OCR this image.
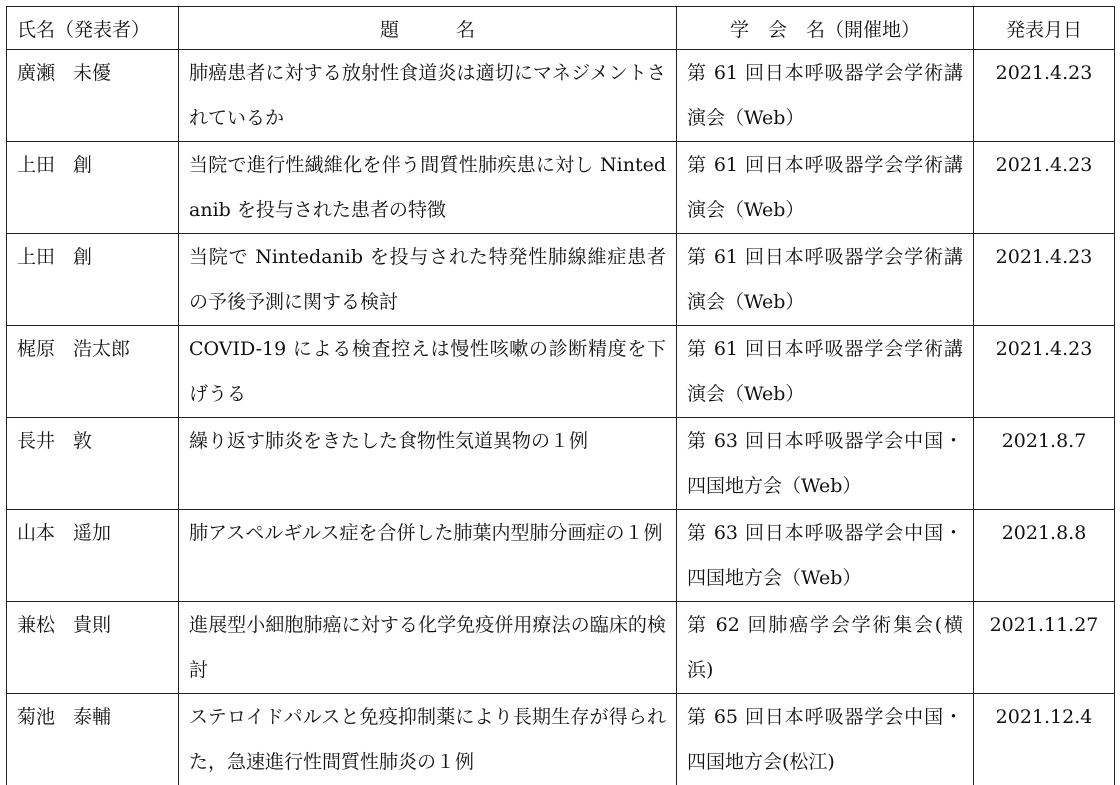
氏名（発表者）	題　　　名	学　会　名（開催地）	発表月日
廣瀬 未優	肺癌患者に対する放射性食道炎は適切にマネジメントされているか	第 61 回日本呼吸器学会学術講演会（Web）	2021.4.23
上田 創	当院で進行性繊維化を伴う間質性肺疾患に対し Nintedanib を投与された患者の特徴	第 61 回日本呼吸器学会学術講演会（Web）	2021.4.23
上田 創	当院で Nintedanib を投与された特発性肺線維症患者の予後予測に関する検討	第 61 回日本呼吸器学会学術講演会（Web）	2021.4.23
梶原 浩太郎	COVID-19 による検査控えは慢性咳嗽の診断精度を下げうる	第 61 回日本呼吸器学会学術講演会（Web）	2021.4.23
長井 敦	繰り返す肺炎をきたした食物性気道異物の１例	第 63 回日本呼吸器学会中国・四国地方会（Web）	2021.8.7
山本 遥加	肺アスペルギルス症を合併した肺葉内型肺分画症の１例	第 63 回日本呼吸器学会中国・四国地方会（Web）	2021.8.8
兼松 貴則	進展型小細胞肺癌に対する化学免疫併用療法の臨床的検討	第 62 回肺癌学会学術集会(横浜)	2021.11.27
菊池 泰輔	ステロイドパルスと免疫抑制薬により長期生存が得られた，急速進行性間質性肺炎の１例	第 65 回日本呼吸器学会中国・四国地方会(松江)	2021.12.4
